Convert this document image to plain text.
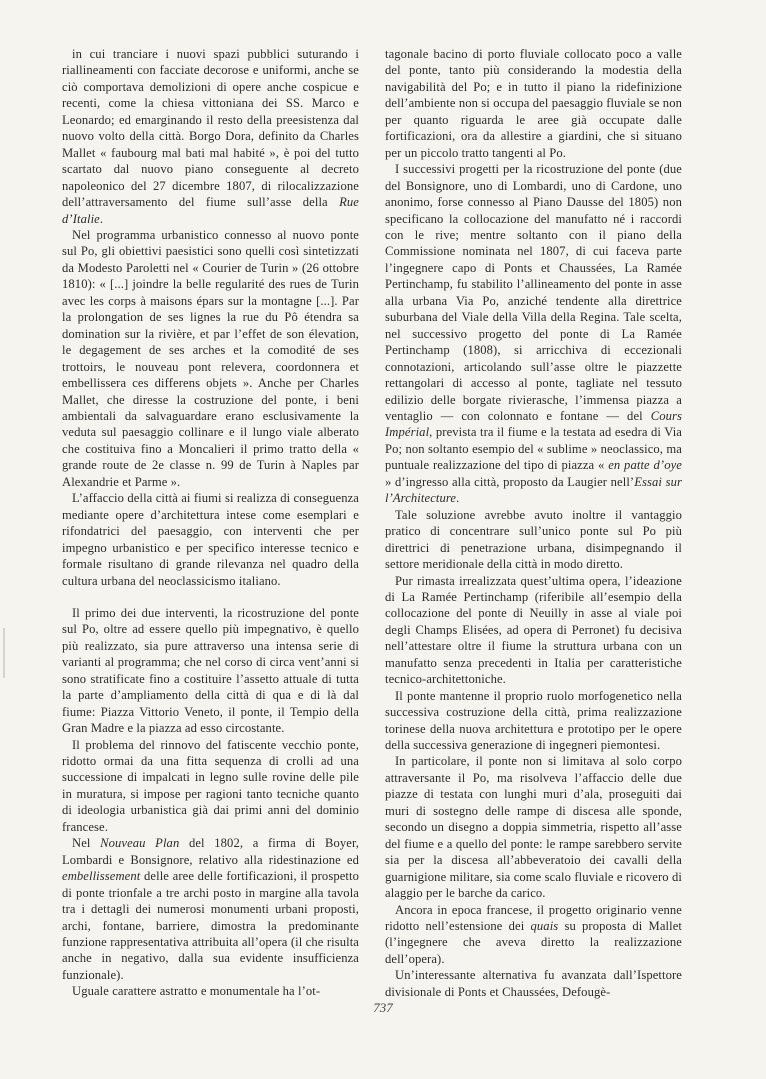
in cui tranciare i nuovi spazi pubblici suturando i riallineamenti con facciate decorose e uniformi, anche se ciò comportava demolizioni di opere anche cospicue e recenti, come la chiesa vittoniana dei SS. Marco e Leonardo; ed emarginando il resto della preesistenza dal nuovo volto della città. Borgo Dora, definito da Charles Mallet « faubourg mal bati mal habité », è poi del tutto scartato dal nuovo piano conseguente al decreto napoleonico del 27 dicembre 1807, di rilocalizzazione dell’attraversamento del fiume sull’asse della Rue d’Italie.

Nel programma urbanistico connesso al nuovo ponte sul Po, gli obiettivi paesistici sono quelli così sintetizzati da Modesto Paroletti nel « Courier de Turin » (26 ottobre 1810): « [...] joindre la belle regularité des rues de Turin avec les corps à maisons épars sur la montagne [...]. Par la prolongation de ses lignes la rue du Pô étendra sa domination sur la rivière, et par l’effet de son élevation, le degagement de ses arches et la comodité de ses trottoirs, le nouveau pont relevera, coordonnera et embellissera ces differens objets ». Anche per Charles Mallet, che diresse la costruzione del ponte, i beni ambientali da salvaguardare erano esclusivamente la veduta sul paesaggio collinare e il lungo viale alberato che costituiva fino a Moncalieri il primo tratto della « grande route de 2e classe n. 99 de Turin à Naples par Alexandrie et Parme ».

L’affaccio della città ai fiumi si realizza di conseguenza mediante opere d’architettura intese come esemplari e rifondatrici del paesaggio, con interventi che per impegno urbanistico e per specifico interesse tecnico e formale risultano di grande rilevanza nel quadro della cultura urbana del neoclassicismo italiano.

Il primo dei due interventi, la ricostruzione del ponte sul Po, oltre ad essere quello più impegnativo, è quello più realizzato, sia pure attraverso una intensa serie di varianti al programma; che nel corso di circa vent’anni si sono stratificate fino a costituire l’assetto attuale di tutta la parte d’ampliamento della città di qua e di là dal fiume: Piazza Vittorio Veneto, il ponte, il Tempio della Gran Madre e la piazza ad esso circostante.

Il problema del rinnovo del fatiscente vecchio ponte, ridotto ormai da una fitta sequenza di crolli ad una successione di impalcati in legno sulle rovine delle pile in muratura, si impose per ragioni tanto tecniche quanto di ideologia urbanistica già dai primi anni del dominio francese.

Nel Nouveau Plan del 1802, a firma di Boyer, Lombardi e Bonsignore, relativo alla ridestinazione ed embellissement delle aree delle fortificazioni, il prospetto di ponte trionfale a tre archi posto in margine alla tavola tra i dettagli dei numerosi monumenti urbani proposti, archi, fontane, barriere, dimostra la predominante funzione rappresentativa attribuita all’opera (il che risulta anche in negativo, dalla sua evidente insufficienza funzionale).

Uguale carattere astratto e monumentale ha l’ot-

tagonale bacino di porto fluviale collocato poco a valle del ponte, tanto più considerando la modestia della navigabilità del Po; e in tutto il piano la ridefinizione dell’ambiente non si occupa del paesaggio fluviale se non per quanto riguarda le aree già occupate dalle fortificazioni, ora da allestire a giardini, che si situano per un piccolo tratto tangenti al Po.

I successivi progetti per la ricostruzione del ponte (due del Bonsignore, uno di Lombardi, uno di Cardone, uno anonimo, forse connesso al Piano Dausse del 1805) non specificano la collocazione del manufatto né i raccordi con le rive; mentre soltanto con il piano della Commissione nominata nel 1807, di cui faceva parte l’ingegnere capo di Ponts et Chaussées, La Ramée Pertinchamp, fu stabilito l’allineamento del ponte in asse alla urbana Via Po, anziché tendente alla direttrice suburbana del Viale della Villa della Regina. Tale scelta, nel successivo progetto del ponte di La Ramée Pertinchamp (1808), si arricchiva di eccezionali connotazioni, articolando sull’asse oltre le piazzette rettangolari di accesso al ponte, tagliate nel tessuto edilizio delle borgate rivierasche, l’immensa piazza a ventaglio — con colonnato e fontane — del Cours Impérial, prevista tra il fiume e la testata ad esedra di Via Po; non soltanto esempio del « sublime » neoclassico, ma puntuale realizzazione del tipo di piazza « en patte d’oye » d’ingresso alla città, proposto da Laugier nell’Essai sur l’Architecture.

Tale soluzione avrebbe avuto inoltre il vantaggio pratico di concentrare sull’unico ponte sul Po più direttrici di penetrazione urbana, disimpegnando il settore meridionale della città in modo diretto.

Pur rimasta irrealizzata quest’ultima opera, l’ideazione di La Ramée Pertinchamp (riferibile all’esempio della collocazione del ponte di Neuilly in asse al viale poi degli Champs Elisées, ad opera di Perronet) fu decisiva nell’attestare oltre il fiume la struttura urbana con un manufatto senza precedenti in Italia per caratteristiche tecnico-architettoniche.

Il ponte mantenne il proprio ruolo morfogenetico nella successiva costruzione della città, prima realizzazione torinese della nuova architettura e prototipo per le opere della successiva generazione di ingegneri piemontesi.

In particolare, il ponte non si limitava al solo corpo attraversante il Po, ma risolveva l’affaccio delle due piazze di testata con lunghi muri d’ala, proseguiti dai muri di sostegno delle rampe di discesa alle sponde, secondo un disegno a doppia simmetria, rispetto all’asse del fiume e a quello del ponte: le rampe sarebbero servite sia per la discesa all’abbeveratoio dei cavalli della guarnigione militare, sia come scalo fluviale e ricovero di alaggio per le barche da carico.

Ancora in epoca francese, il progetto originario venne ridotto nell’estensione dei quais su proposta di Mallet (l’ingegnere che aveva diretto la realizzazione dell’opera).

Un’interessante alternativa fu avanzata dall’Ispettore divisionale di Ponts et Chaussées, Defougè-

737
